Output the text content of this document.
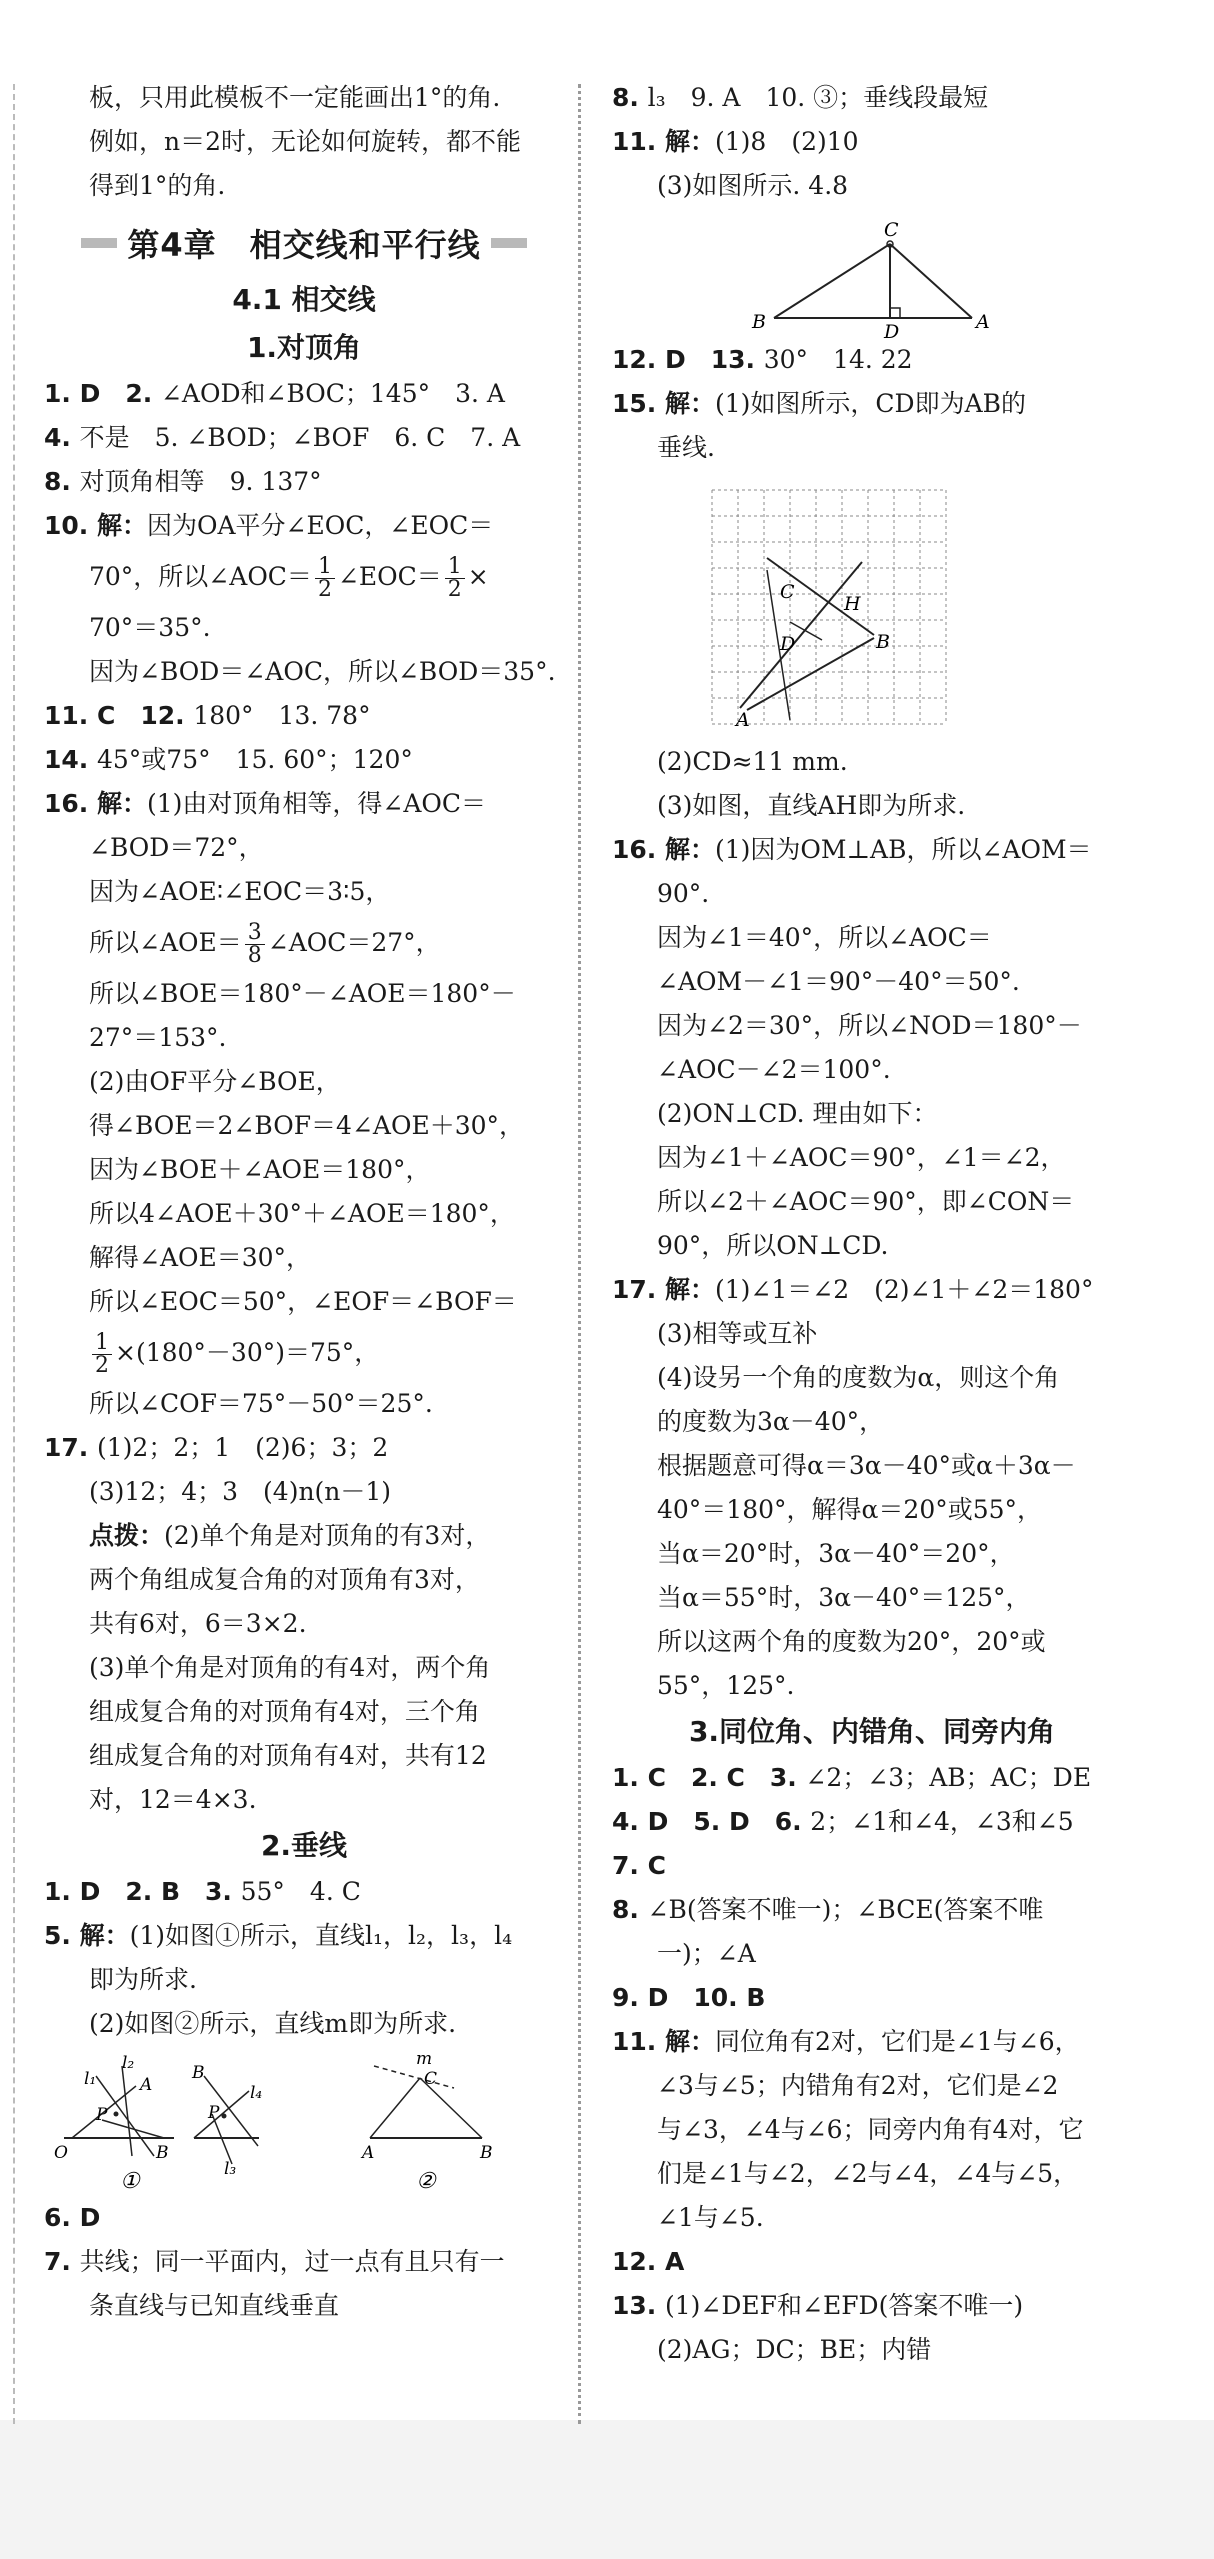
板，只用此模板不一定能画出1°的角.
例如，n＝2时，无论如何旋转，都不能
得到1°的角.
第4章　相交线和平行线
4.1 相交线
1.对顶角
1. D　2. ∠AOD和∠BOC；145°　3. A
4. 不是　5. ∠BOD；∠BOF　6. C　7. A
8. 对顶角相等　9. 137°
10. 解：因为OA平分∠EOC，∠EOC＝
70°，所以∠AOC＝ $\frac{1}{2}$ ∠EOC＝ $\frac{1}{2}$ ×
70°＝35°.
因为∠BOD＝∠AOC，所以∠BOD＝35°.
11. C　12. 180°　13. 78°
14. 45°或75°　15. 60°；120°
16. 解：(1)由对顶角相等，得∠AOC＝
∠BOD＝72°，
因为∠AOE∶∠EOC＝3∶5，
所以∠AOE＝ $\frac{3}{8}$ ∠AOC＝27°，
所以∠BOE＝180°－∠AOE＝180°－
27°＝153°.
(2)由OF平分∠BOE，
得∠BOE＝2∠BOF＝4∠AOE＋30°，
因为∠BOE＋∠AOE＝180°，
所以4∠AOE＋30°＋∠AOE＝180°，
解得∠AOE＝30°，
所以∠EOC＝50°，∠EOF＝∠BOF＝
$\frac{1}{2} \times(180^\circ-30^\circ)=75^\circ$，
所以∠COF＝75°－50°＝25°.
17. (1)2；2；1　(2)6；3；2
(3)12；4；3　(4)n(n－1)
点拨：(2)单个角是对顶角的有3对，
两个角组成复合角的对顶角有3对，
共有6对，6＝3×2.
(3)单个角是对顶角的有4对，两个角
组成复合角的对顶角有4对，三个角
组成复合角的对顶角有4对，共有12
对，12＝4×3.
2.垂线
1. D　2. B　3. 55°　4. C
5. 解：(1)如图①所示，直线l₁，l₂，l₃，l₄
即为所求.
(2)如图②所示，直线m即为所求.
l₂
l₁	A
P
O	B
①
B
l₄
P
l₃
m
C
A	B
②
6. D
7. 共线；同一平面内，过一点有且只有一
条直线与已知直线垂直
8. l₃　9. A　10. ③；垂线段最短
11. 解：(1)8　(2)10
(3)如图所示. 4.8
C
B	D	A
12. D　13. 30°　14. 22
15. 解：(1)如图所示，CD即为AB的
垂线.
C
H
D	B
A
(2)CD≈11 mm.
(3)如图，直线AH即为所求.
16. 解：(1)因为OM⊥AB，所以∠AOM＝
90°.
因为∠1＝40°，所以∠AOC＝
∠AOM－∠1＝90°－40°＝50°.
因为∠2＝30°，所以∠NOD＝180°－
∠AOC－∠2＝100°.
(2)ON⊥CD. 理由如下：
因为∠1＋∠AOC＝90°，∠1＝∠2，
所以∠2＋∠AOC＝90°，即∠CON＝
90°，所以ON⊥CD.
17. 解：(1)∠1＝∠2　(2)∠1＋∠2＝180°
(3)相等或互补
(4)设另一个角的度数为α，则这个角
的度数为3α－40°，
根据题意可得α＝3α－40°或α＋3α－
40°＝180°，解得α＝20°或55°，
当α＝20°时，3α－40°＝20°，
当α＝55°时，3α－40°＝125°，
所以这两个角的度数为20°，20°或
55°，125°.
3.同位角、内错角、同旁内角
1. C　2. C　3. ∠2；∠3；AB；AC；DE
4. D　5. D　6. 2；∠1和∠4，∠3和∠5
7. C
8. ∠B(答案不唯一)；∠BCE(答案不唯
一)；∠A
9. D　10. B
11. 解：同位角有2对，它们是∠1与∠6，
∠3与∠5；内错角有2对，它们是∠2
与∠3，∠4与∠6；同旁内角有4对，它
们是∠1与∠2，∠2与∠4，∠4与∠5，
∠1与∠5.
12. A
13. (1)∠DEF和∠EFD(答案不唯一)
(2)AG；DC；BE；内错
